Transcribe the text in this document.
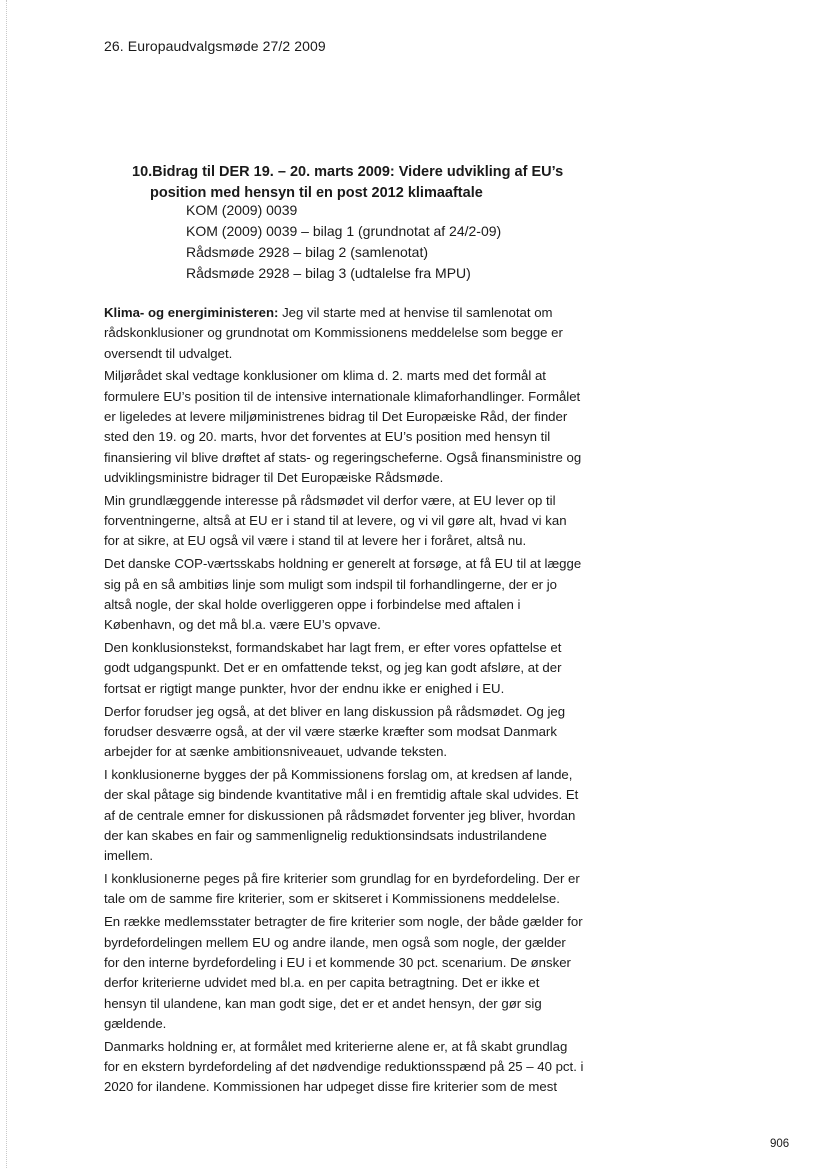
26. Europaudvalgsmøde 27/2 2009
10.Bidrag til DER 19. – 20. marts 2009: Videre udvikling af EU’s
position med hensyn til en post 2012 klimaaftale
KOM (2009) 0039
KOM (2009) 0039 – bilag 1 (grundnotat af 24/2-09)
Rådsmøde 2928 – bilag 2 (samlenotat)
Rådsmøde 2928 – bilag 3 (udtalelse fra MPU)

Klima- og energiministeren: Jeg vil starte med at henvise til samlenotat om rådskonklusioner og grundnotat om Kommissionens meddelelse som begge er oversendt til udvalget.

Miljørådet skal vedtage konklusioner om klima d. 2. marts med det formål at formulere EU’s position til de intensive internationale klimaforhandlinger. Formålet er ligeledes at levere miljøministrenes bidrag til Det Europæiske Råd, der finder sted den 19. og 20. marts, hvor det forventes at EU’s position med hensyn til finansiering vil blive drøftet af stats- og regeringscheferne. Også finansministre og udviklingsministre bidrager til Det Europæiske Rådsmøde.

Min grundlæggende interesse på rådsmødet vil derfor være, at EU lever op til forventningerne, altså at EU er i stand til at levere, og vi vil gøre alt, hvad vi kan for at sikre, at EU også vil være i stand til at levere her i foråret, altså nu.

Det danske COP-værtsskabs holdning er generelt at forsøge, at få EU til at lægge sig på en så ambitiøs linje som muligt som indspil til forhandlingerne, der er jo altså nogle, der skal holde overliggeren oppe i forbindelse med aftalen i København, og det må bl.a. være EU’s opvave.

Den konklusionstekst, formandskabet har lagt frem, er efter vores opfattelse et godt udgangspunkt. Det er en omfattende tekst, og jeg kan godt afsløre, at der fortsat er rigtigt mange punkter, hvor der endnu ikke er enighed i EU.

Derfor forudser jeg også, at det bliver en lang diskussion på rådsmødet. Og jeg forudser desværre også, at der vil være stærke kræfter som modsat Danmark arbejder for at sænke ambitionsniveauet, udvande teksten.

I konklusionerne bygges der på Kommissionens forslag om, at kredsen af lande, der skal påtage sig bindende kvantitative mål i en fremtidig aftale skal udvides. Et af de centrale emner for diskussionen på rådsmødet forventer jeg bliver, hvordan der kan skabes en fair og sammenlignelig reduktionsindsats industrilandene imellem.

I konklusionerne peges på fire kriterier som grundlag for en byrdefordeling. Der er tale om de samme fire kriterier, som er skitseret i Kommissionens meddelelse.

En række medlemsstater betragter de fire kriterier som nogle, der både gælder for byrdefordelingen mellem EU og andre ilande, men også som nogle, der gælder for den interne byrdefordeling i EU i et kommende 30 pct. scenarium. De ønsker derfor kriterierne udvidet med bl.a. en per capita betragtning. Det er ikke et hensyn til ulandene, kan man godt sige, det er et andet hensyn, der gør sig gældende.

Danmarks holdning er, at formålet med kriterierne alene er, at få skabt grundlag for en ekstern byrdefordeling af det nødvendige reduktionsspænd på 25 – 40 pct. i 2020 for ilandene. Kommissionen har udpeget disse fire kriterier som de mest

906
